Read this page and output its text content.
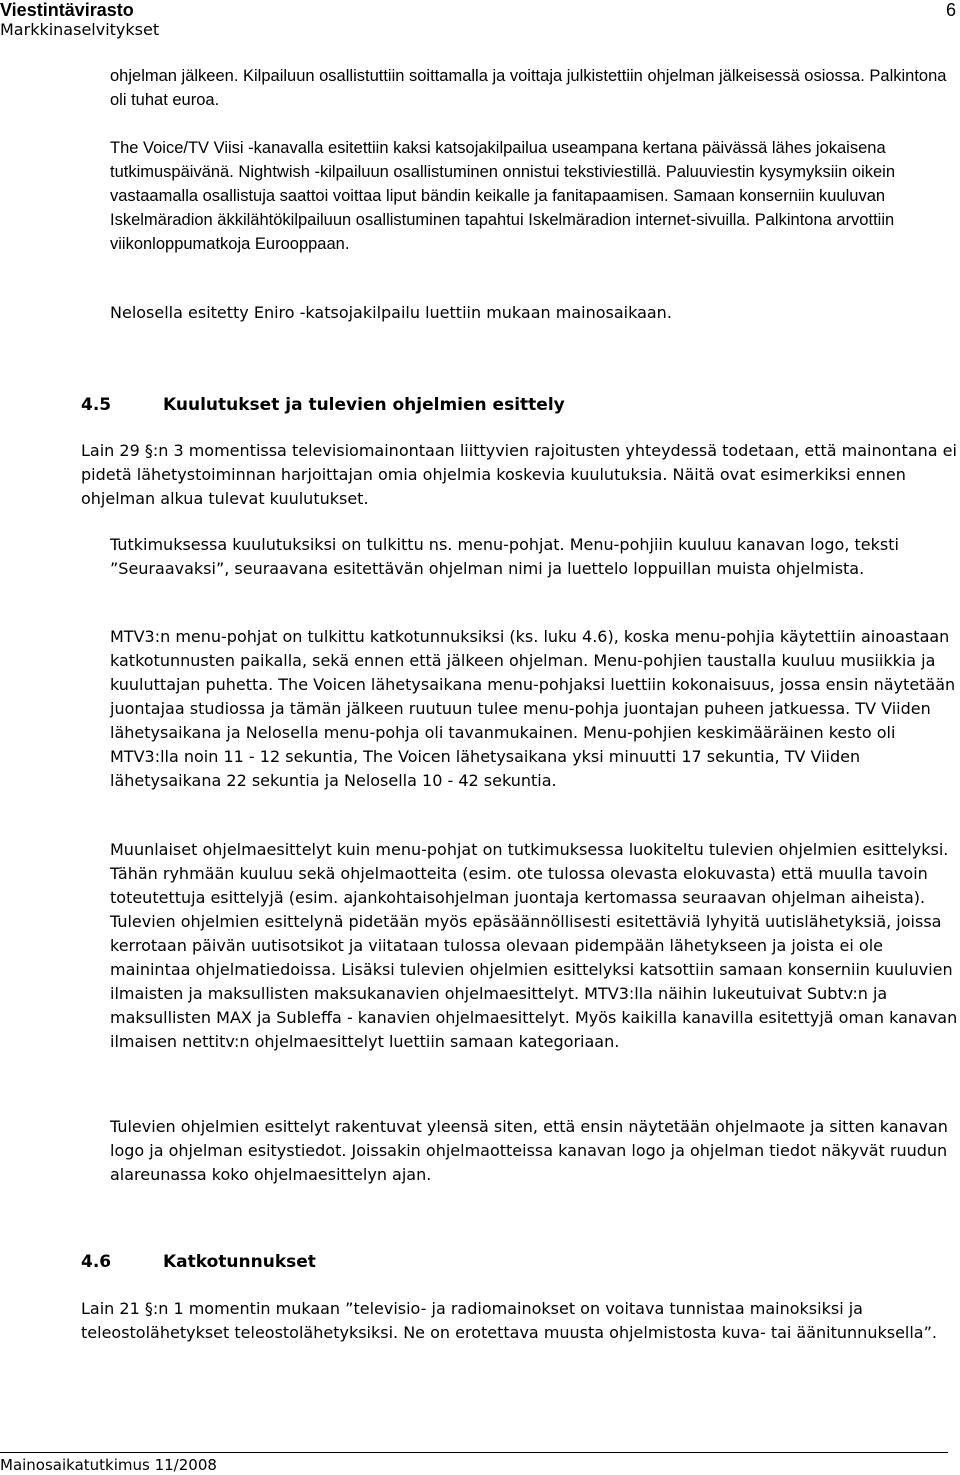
Viestintävirasto
Markkinaselvitykset
6

ohjelman jälkeen. Kilpailuun osallistuttiin soittamalla ja voittaja julkistettiin ohjelman jälkeisessä osiossa. Palkintona oli tuhat euroa.

The Voice/TV Viisi -kanavalla esitettiin kaksi katsojakilpailua useampana kertana päivässä lähes jokaisena tutkimuspäivänä. Nightwish -kilpailuun osallistuminen onnistui tekstiviestillä. Paluuviestin kysymyksiin oikein vastaamalla osallistuja saattoi voittaa liput bändin keikalle ja fanitapaamisen. Samaan konserniin kuuluvan Iskelmäradion äkkilähtökilpailuun osallistuminen tapahtui Iskelmäradion internet-sivuilla. Palkintona arvottiin viikonloppumatkoja Eurooppaan.

Nelosella esitetty Eniro -katsojakilpailu luettiin mukaan mainosaikaan.

4.5	Kuulutukset ja tulevien ohjelmien esittely

Lain 29 §:n 3 momentissa televisiomainontaan liittyvien rajoitusten yhteydessä todetaan, että mainontana ei pidetä lähetystoiminnan harjoittajan omia ohjelmia koskevia kuulutuksia. Näitä ovat esimerkiksi ennen ohjelman alkua tulevat kuulutukset.

Tutkimuksessa kuulutuksiksi on tulkittu ns. menu-pohjat. Menu-pohjiin kuuluu kanavan logo, teksti ”Seuraavaksi”, seuraavana esitettävän ohjelman nimi ja luettelo loppuillan muista ohjelmista.

MTV3:n menu-pohjat on tulkittu katkotunnuksiksi (ks. luku 4.6), koska menu-pohjia käytettiin ainoastaan katkotunnusten paikalla, sekä ennen että jälkeen ohjelman. Menu-pohjien taustalla kuuluu musiikkia ja kuuluttajan puhetta. The Voicen lähetysaikana menu-pohjaksi luettiin kokonaisuus, jossa ensin näytetään juontajaa studiossa ja tämän jälkeen ruutuun tulee menu-pohja juontajan puheen jatkuessa. TV Viiden lähetysaikana ja Nelosella menu-pohja oli tavanmukainen. Menu-pohjien keskimääräinen kesto oli MTV3:lla noin 11 - 12 sekuntia, The Voicen lähetysaikana yksi minuutti 17 sekuntia, TV Viiden lähetysaikana 22 sekuntia ja Nelosella 10 - 42 sekuntia.

Muunlaiset ohjelmaesittelyt kuin menu-pohjat on tutkimuksessa luokiteltu tulevien ohjelmien esittelyksi. Tähän ryhmään kuuluu sekä ohjelmaotteita (esim. ote tulossa olevasta elokuvasta) että muulla tavoin toteutettuja esittelyjä (esim. ajankohtaisohjelman juontaja kertomassa seuraavan ohjelman aiheista). Tulevien ohjelmien esittelynä pidetään myös epäsäännöllisesti esitettäviä lyhyitä uutislähetyksiä, joissa kerrotaan päivän uutisotsikot ja viitataan tulossa olevaan pidempään lähetykseen ja joista ei ole mainintaa ohjelmatiedoissa. Lisäksi tulevien ohjelmien esittelyksi katsottiin samaan konserniin kuuluvien ilmaisten ja maksullisten maksukanavien ohjelmaesittelyt. MTV3:lla näihin lukeutuivat Subtv:n ja maksullisten MAX ja Subleffa - kanavien ohjelmaesittelyt. Myös kaikilla kanavilla esitettyjä oman kanavan ilmaisen nettitv:n ohjelmaesittelyt luettiin samaan kategoriaan.

Tulevien ohjelmien esittelyt rakentuvat yleensä siten, että ensin näytetään ohjelmaote ja sitten kanavan logo ja ohjelman esitystiedot. Joissakin ohjelmaotteissa kanavan logo ja ohjelman tiedot näkyvät ruudun alareunassa koko ohjelmaesittelyn ajan.

4.6	Katkotunnukset

Lain 21 §:n 1 momentin mukaan ”televisio- ja radiomainokset on voitava tunnistaa mainoksiksi ja teleostolähetykset teleostolähetyksiksi. Ne on erotettava muusta ohjelmistosta kuva- tai äänitunnuksella”.

Mainosaikatutkimus 11/2008
